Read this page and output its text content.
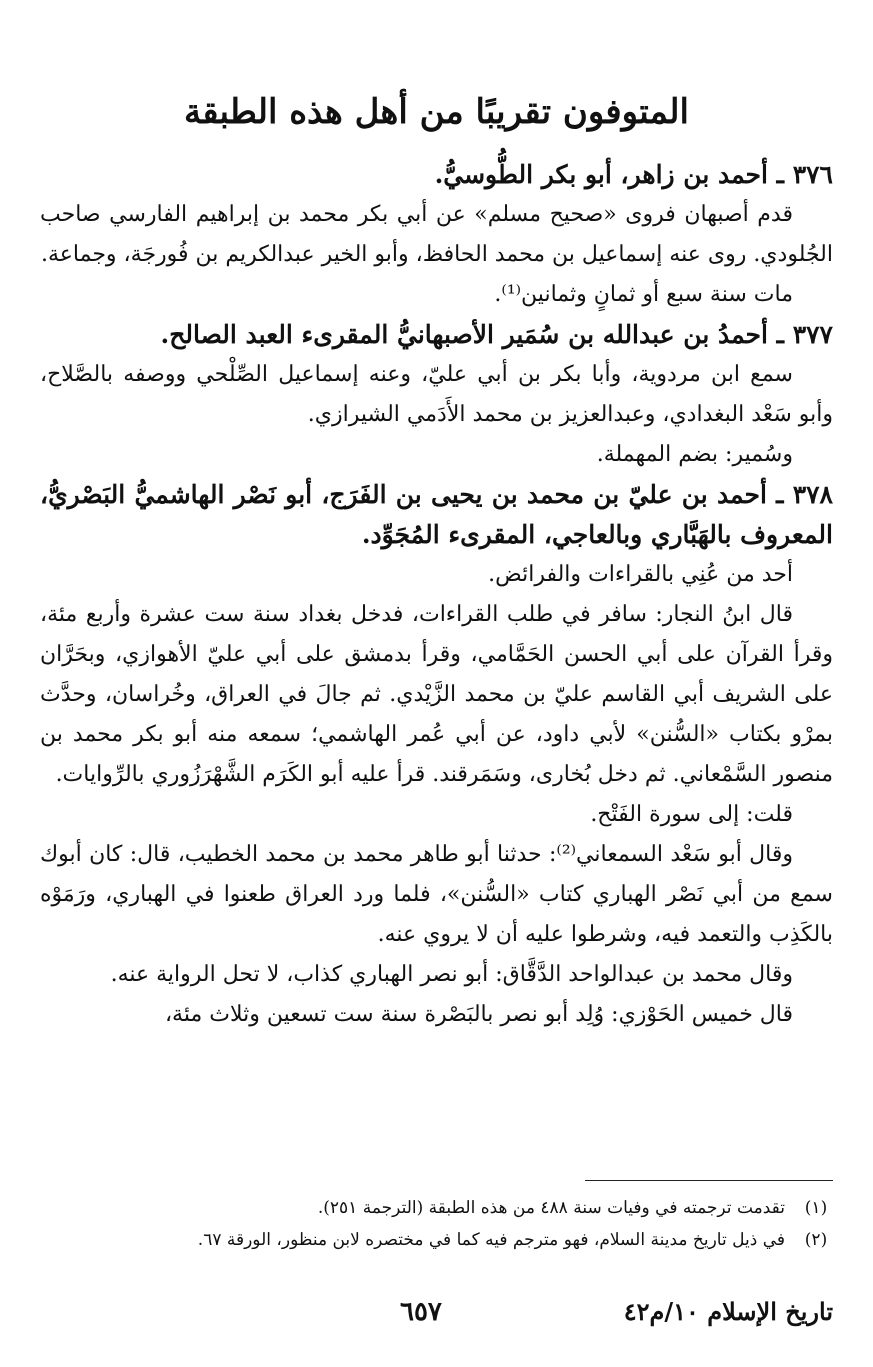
المتوفون تقريبًا من أهل هذه الطبقة

٣٧٦ ـ أحمد بن زاهر، أبو بكر الطُّوسيُّ.

قدم أصبهان فروى «صحيح مسلم» عن أبي بكر محمد بن إبراهيم الفارسي صاحب الجُلودي. روى عنه إسماعيل بن محمد الحافظ، وأبو الخير عبدالكريم بن فُورجَة، وجماعة.

مات سنة سبع أو ثمانٍ وثمانين⁽¹⁾.

٣٧٧ ـ أحمدُ بن عبدالله بن سُمَير الأصبهانيُّ المقرىء العبد الصالح.

سمع ابن مردوية، وأبا بكر بن أبي عليّ، وعنه إسماعيل الصِّلْحي ووصفه بالصَّلاح، وأبو سَعْد البغدادي، وعبدالعزيز بن محمد الأَدَمي الشيرازي.

وسُمير: بضم المهملة.

٣٧٨ ـ أحمد بن عليّ بن محمد بن يحيى بن الفَرَج، أبو نَصْر الهاشميُّ البَصْريُّ، المعروف بالهَبَّاري وبالعاجي، المقرىء المُجَوِّد.

أحد من عُنِي بالقراءات والفرائض.

قال ابنُ النجار: سافر في طلب القراءات، فدخل بغداد سنة ست عشرة وأربع مئة، وقرأ القرآن على أبي الحسن الحَمَّامي، وقرأ بدمشق على أبي عليّ الأهوازي، وبحَرَّان على الشريف أبي القاسم عليّ بن محمد الزَّيْدي. ثم جالَ في العراق، وخُراسان، وحدَّث بمرْو بكتاب «السُّنن» لأبي داود، عن أبي عُمر الهاشمي؛ سمعه منه أبو بكر محمد بن منصور السَّمْعاني. ثم دخل بُخارى، وسَمَرقند. قرأ عليه أبو الكَرَم الشَّهْرَزُوري بالرِّوايات.

قلت: إلى سورة الفَتْح.

وقال أبو سَعْد السمعاني⁽²⁾: حدثنا أبو طاهر محمد بن محمد الخطيب، قال: كان أبوك سمع من أبي نَصْر الهباري كتاب «السُّنن»، فلما ورد العراق طعنوا في الهباري، ورَمَوْه بالكَذِب والتعمد فيه، وشرطوا عليه أن لا يروي عنه.

وقال محمد بن عبدالواحد الدَّقَّاق: أبو نصر الهباري كذاب، لا تحل الرواية عنه.

قال خميس الحَوْزي: وُلِد أبو نصر بالبَصْرة سنة ست تسعين وثلاث مئة،

(١)
تقدمت ترجمته في وفيات سنة ٤٨٨ من هذه الطبقة (الترجمة ٢٥١).

(٢)
في ذيل تاريخ مدينة السلام، فهو مترجم فيه كما في مختصره لابن منظور، الورقة ٦٧.

تاريخ الإسلام ١٠/م٤٢
٦٥٧
